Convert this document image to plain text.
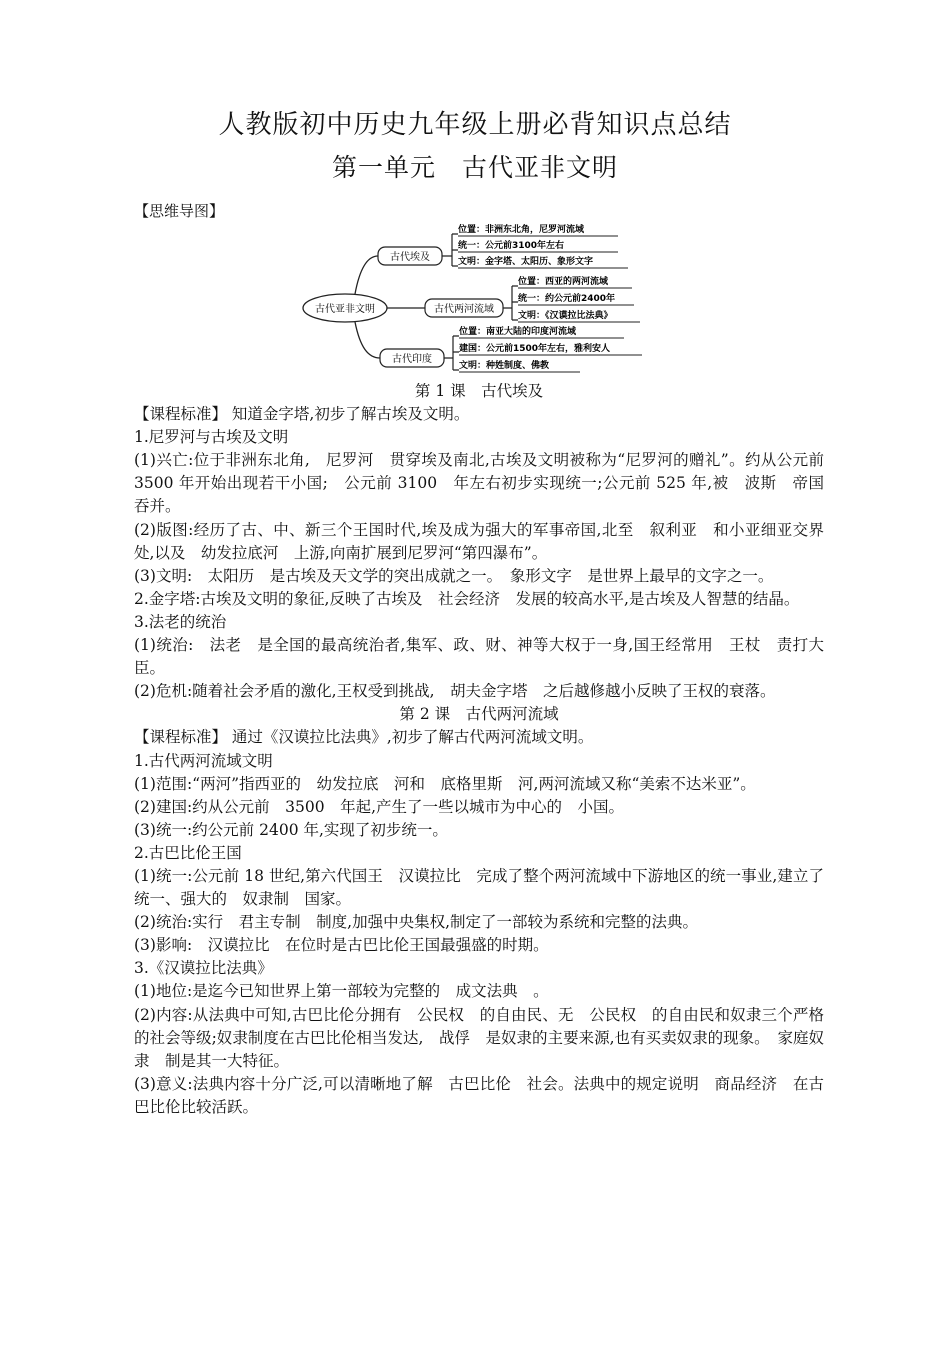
人教版初中历史九年级上册必背知识点总结
第一单元　古代亚非文明
【思维导图】
古代亚非文明
古代埃及
位置：非洲东北角，尼罗河流域
统一：公元前3100年左右
文明：金字塔、太阳历、象形文字
古代两河流域
位置：西亚的两河流域
统一：约公元前2400年
文明：《汉谟拉比法典》
古代印度
位置：南亚大陆的印度河流域
建国：公元前1500年左右，雅利安人
文明：种姓制度、佛教

第 1 课　古代埃及

【课程标准】 知道金字塔,初步了解古埃及文明。

1.尼罗河与古埃及文明

(1)兴亡:位于非洲东北角,　尼罗河　贯穿埃及南北,古埃及文明被称为“尼罗河的赠礼”。约从公元前 3500 年开始出现若干小国;　公元前 3100　年左右初步实现统一;公元前 525 年,被　波斯　帝国　吞并。

(2)版图:经历了古、中、新三个王国时代,埃及成为强大的军事帝国,北至　叙利亚　和小亚细亚交界处,以及　幼发拉底河　上游,向南扩展到尼罗河“第四瀑布”。

(3)文明:　太阳历　是古埃及天文学的突出成就之一。　象形文字　是世界上最早的文字之一。

2.金字塔:古埃及文明的象征,反映了古埃及　社会经济　发展的较高水平,是古埃及人智慧的结晶。

3.法老的统治

(1)统治:　法老　是全国的最高统治者,集军、政、财、神等大权于一身,国王经常用　王杖　责打大臣。

(2)危机:随着社会矛盾的激化,王权受到挑战,　胡夫金字塔　之后越修越小反映了王权的衰落。

第 2 课　古代两河流域

【课程标准】 通过《汉谟拉比法典》,初步了解古代两河流域文明。

1.古代两河流域文明

(1)范围:“两河”指西亚的　幼发拉底　河和　底格里斯　河,两河流域又称“美索不达米亚”。

(2)建国:约从公元前　3500　年起,产生了一些以城市为中心的　小国。

(3)统一:约公元前 2400 年,实现了初步统一。

2.古巴比伦王国

(1)统一:公元前 18 世纪,第六代国王　汉谟拉比　完成了整个两河流域中下游地区的统一事业,建立了统一、强大的　奴隶制　国家。

(2)统治:实行　君主专制　制度,加强中央集权,制定了一部较为系统和完整的法典。

(3)影响:　汉谟拉比　在位时是古巴比伦王国最强盛的时期。

3.《汉谟拉比法典》

(1)地位:是迄今已知世界上第一部较为完整的　成文法典　。

(2)内容:从法典中可知,古巴比伦分拥有　公民权　的自由民、无　公民权　的自由民和奴隶三个严格的社会等级;奴隶制度在古巴比伦相当发达,　战俘　是奴隶的主要来源,也有买卖奴隶的现象。　家庭奴隶　制是其一大特征。

(3)意义:法典内容十分广泛,可以清晰地了解　古巴比伦　社会。法典中的规定说明　商品经济　在古巴比伦比较活跃。
